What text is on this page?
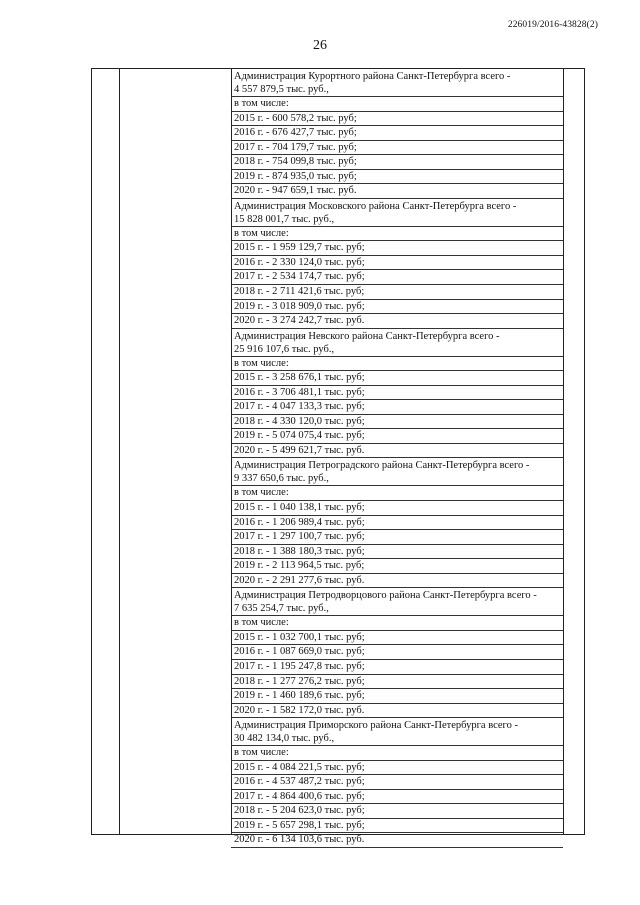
226019/2016-43828(2)
26
Администрация Курортного района Санкт-Петербурга всего -
4 557 879,5 тыс. руб.,
в том числе:
2015 г. - 600 578,2 тыс. руб;
2016 г. - 676 427,7 тыс. руб;
2017 г. - 704 179,7 тыс. руб;
2018 г. - 754 099,8 тыс. руб;
2019 г. - 874 935,0 тыс. руб;
2020 г. - 947 659,1 тыс. руб.
Администрация Московского района Санкт-Петербурга всего -
15 828 001,7 тыс. руб.,
в том числе:
2015 г. - 1 959 129,7 тыс. руб;
2016 г. - 2 330 124,0 тыс. руб;
2017 г. - 2 534 174,7 тыс. руб;
2018 г. - 2 711 421,6 тыс. руб;
2019 г. - 3 018 909,0 тыс. руб;
2020 г. - 3 274 242,7 тыс. руб.
Администрация Невского района Санкт-Петербурга всего -
25 916 107,6 тыс. руб.,
в том числе:
2015 г. - 3 258 676,1 тыс. руб;
2016 г. - 3 706 481,1 тыс. руб;
2017 г. - 4 047 133,3 тыс. руб;
2018 г. - 4 330 120,0 тыс. руб;
2019 г. - 5 074 075,4 тыс. руб;
2020 г. - 5 499 621,7 тыс. руб.
Администрация Петроградского района Санкт-Петербурга всего -
9 337 650,6 тыс. руб.,
в том числе:
2015 г. - 1 040 138,1 тыс. руб;
2016 г. - 1 206 989,4 тыс. руб;
2017 г. - 1 297 100,7 тыс. руб;
2018 г. - 1 388 180,3 тыс. руб;
2019 г. - 2 113 964,5 тыс. руб;
2020 г. - 2 291 277,6 тыс. руб.
Администрация Петродворцового района Санкт-Петербурга всего -
7 635 254,7 тыс. руб.,
в том числе:
2015 г. - 1 032 700,1 тыс. руб;
2016 г. - 1 087 669,0 тыс. руб;
2017 г. - 1 195 247,8 тыс. руб;
2018 г. - 1 277 276,2 тыс. руб;
2019 г. - 1 460 189,6 тыс. руб;
2020 г. - 1 582 172,0 тыс. руб.
Администрация Приморского района Санкт-Петербурга всего -
30 482 134,0 тыс. руб.,
в том числе:
2015 г. - 4 084 221,5 тыс. руб;
2016 г. - 4 537 487,2 тыс. руб;
2017 г. - 4 864 400,6 тыс. руб;
2018 г. - 5 204 623,0 тыс. руб;
2019 г. - 5 657 298,1 тыс. руб;
2020 г. - 6 134 103,6 тыс. руб.
